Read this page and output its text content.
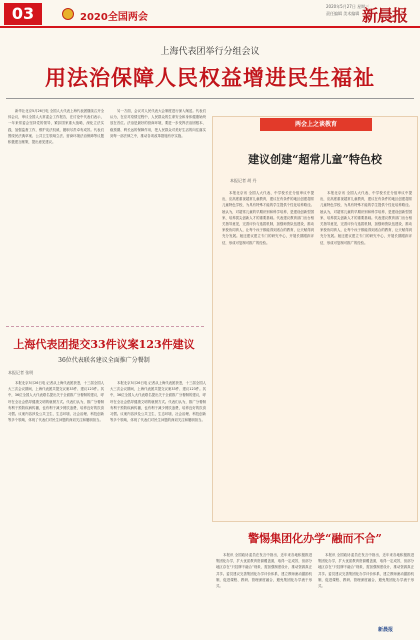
03	2020全国两会
2020年5月27日 星期三
责任编辑 美术编辑 新晨报
上海代表团举行分组会议
用法治保障人民权益增进民生福祉

新华社北京5月26日电 全国人大代表上海代表团继续召开全体会议，审议全国人大常委会工作报告，在讨论中代表们表示，一年来常委会坚持党的领导，紧扣国家重大战略，深化立法实践，加强监督工作，维护宪法权威，履职尽责卓有成效。代表们围绕民法典草案、公共卫生领域立法、营商环境法治保障等议题积极建言献策，提出意见建议。

另一方面，会议对人民代表大会制度进行深入阐述。代表们认为，在应对疫情过程中，人民群众的生命安全和身体健康始终放在首位。法治是最好的营商环境，要进一步发挥法治固根本、稳预期、利长远的保障作用，把人民群众对美好生活的向往落实到每一部法律之中，推动各项改革措施有序实施。

两会上之谈教育
建议创建“超常儿童”特色校
本报记者 胡 丹

本报北京讯 全国人大代表、中学校长在分组审议中提出，应高度重视超常儿童教育，建议在有条件的地区创建超常儿童特色学校，为具有特殊才能的学生提供个性化培养路径。她认为，对超常儿童的早期识别和科学培养，是建设创新型国家、培养拔尖创新人才的重要基础。代表建议教育部门出台相关指导意见，完善评价与选拔机制，加强师资队伍建设，推动家校协同育人，让每个孩子都能得到适合的教育，让天赋得到充分发展。她还建议建立专门的研究中心，开展长期跟踪评估，形成可复制可推广的经验。

本报北京讯 全国人大代表、中学校长在分组审议中提出，应高度重视超常儿童教育，建议在有条件的地区创建超常儿童特色学校，为具有特殊才能的学生提供个性化培养路径。她认为，对超常儿童的早期识别和科学培养，是建设创新型国家、培养拔尖创新人才的重要基础。代表建议教育部门出台相关指导意见，完善评价与选拔机制，加强师资队伍建设，推动家校协同育人，让每个孩子都能得到适合的教育，让天赋得到充分发展。她还建议建立专门的研究中心，开展长期跟踪评估，形成可复制可推广的经验。

上海代表团提交33件议案123件建议
36位代表联名建议全面推广分餐制
本报记者 张明

本报北京5月26日电 记者从上海代表团获悉，十三届全国人大三次会议期间，上海代表团共提交议案33件、建议123件。其中，36位全国人大代表联名提出关于全面推广分餐制的建议，呼吁在全社会倡导健康文明的就餐方式。代表们认为，推广分餐制有利于预防疾病传播，也有利于减少餐饮浪费，培养良好的饮食习惯。议案内容涉及公共卫生、生态环境、社会治理、科技创新等多个领域，体现了代表们对民生问题的深切关注和履职担当。

本报北京5月26日电 记者从上海代表团获悉，十三届全国人大三次会议期间，上海代表团共提交议案33件、建议123件。其中，36位全国人大代表联名提出关于全面推广分餐制的建议，呼吁在全社会倡导健康文明的就餐方式。代表们认为，推广分餐制有利于预防疾病传播，也有利于减少餐饮浪费，培养良好的饮食习惯。议案内容涉及公共卫生、生态环境、社会治理、科技创新等多个领域，体现了代表们对民生问题的深切关注和履职担当。

警惕集团化办学“融而不合”

本报讯 全国政协委员在发言中指出，近年来各地积极推进集团化办学，扩大优质教育资源覆盖面，取得一定成效，但部分地区存在“只挂牌不融合”现象，需加强制度设计，推动资源真正共享。委员建议完善集团化办学评价体系，建立教师流动激励机制，促进课程、教研、管理深度融合，避免集团化办学流于形式。

本报讯 全国政协委员在发言中指出，近年来各地积极推进集团化办学，扩大优质教育资源覆盖面，取得一定成效，但部分地区存在“只挂牌不融合”现象，需加强制度设计，推动资源真正共享。委员建议完善集团化办学评价体系，建立教师流动激励机制，促进课程、教研、管理深度融合，避免集团化办学流于形式。

新晨报
